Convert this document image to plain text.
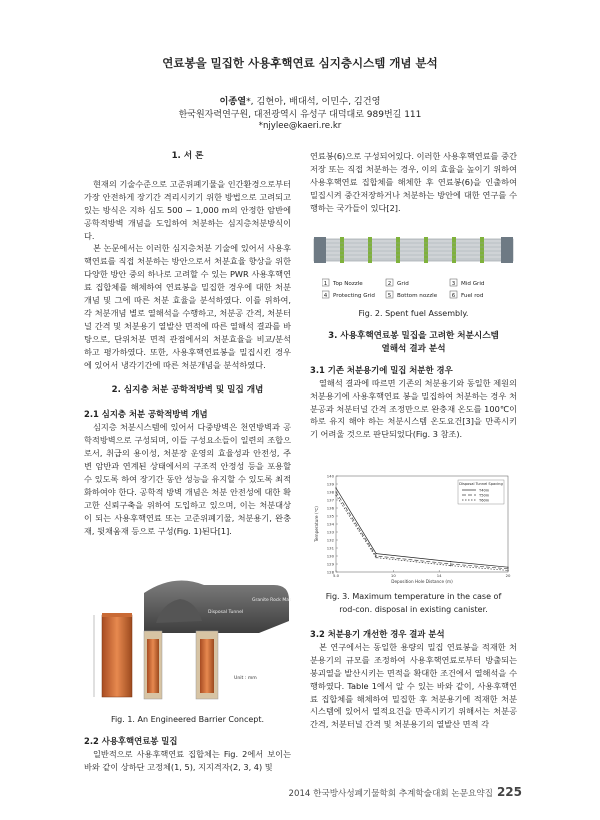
연료봉을 밀집한 사용후핵연료 심지층시스템 개념 분석
이종열*, 김현아, 배대석, 이민수, 김건영
한국원자력연구원, 대전광역시 유성구 대덕대로 989번길 111
*njylee@kaeri.re.kr
1. 서 론

현재의 기술수준으로 고준위폐기물을 인간환경으로부터 가장 안전하게 장기간 격리시키기 위한 방법으로 고려되고 있는 방식은 지하 심도 500 ~ 1,000 m의 안정한 암반에 공학적방벽 개념을 도입하여 처분하는 심지층처분방식이다.

본 논문에서는 이러한 심지층처분 기술에 있어서 사용후핵연료를 직접 처분하는 방안으로서 처분효율 향상을 위한 다양한 방안 중의 하나로 고려할 수 있는 PWR 사용후핵연료 집합체를 해체하여 연료봉을 밀집한 경우에 대한 처분개념 및 그에 따른 처분 효율을 분석하였다. 이를 위하여, 각 처분개념 별로 열해석을 수행하고, 처분공 간격, 처분터널 간격 및 처분용기 열발산 면적에 따른 열해석 결과를 바탕으로, 단위처분 면적 관점에서의 처분효율을 비교/분석하고 평가하였다. 또한, 사용후핵연료봉을 밀집시킨 경우에 있어서 냉각기간에 따른 처분개념을 분석하였다.

2. 심지층 처분 공학적방벽 및 밀집 개념
2.1 심지층 처분 공학적방벽 개념

심지층 처분시스템에 있어서 다중방벽은 천연방벽과 공학적방벽으로 구성되며, 이들 구성요소들이 일련의 조합으로서, 취급의 용이성, 처분장 운영의 효율성과 안전성, 주변 암반과 연계된 상태에서의 구조적 안정성 등을 포용할 수 있도록 하여 장기간 동안 성능을 유지할 수 있도록 최적화하여야 한다. 공학적 방벽 개념은 처분 안전성에 대한 확고한 신뢰구축을 위하여 도입하고 있으며, 이는 처분대상이 되는 사용후핵연료 또는 고준위폐기물, 처분용기, 완충재, 뒷채움재 등으로 구성(Fig. 1)된다[1].

Disposal Tunnel
Granite Rock Mass
Unit : mm
Fig. 1. An Engineered Barrier Concept.
2.2 사용후핵연료봉 밀집

일반적으로 사용후핵연료 집합체는 Fig. 2에서 보이는 바와 같이 상하단 고정체(1, 5), 지지격자(2, 3, 4) 및

연료봉(6)으로 구성되어있다. 이러한 사용후핵연료를 중간저장 또는 직접 처분하는 경우, 이의 효율을 높이기 위하여 사용후핵연료 집합체를 해체한 후 연료봉(6)을 인출하여 밀집시켜 중간저장하거나 처분하는 방안에 대한 연구를 수행하는 국가들이 있다[2].

1 Top Nozzle	2 Grid	3 Mid Grid
4 Protecting Grid 5 Bottom nozzle	6 Fuel rod
Fig. 2. Spent fuel Assembly.
3. 사용후핵연료봉 밀집을 고려한 처분시스템
열해석 결과 분석
3.1 기존 처분용기에 밀집 처분한 경우

열해석 결과에 따르면 기존의 처분용기와 동일한 제원의 처분용기에 사용후핵연료 봉을 밀집하여 처분하는 경우 처분공과 처분터널 간격 조정만으로 완충재 온도를 100℃이하로 유지 해야 하는 처분시스템 온도요건[3]을 만족시키기 어려울 것으로 판단되었다(Fig. 3 참조).

128
129
130
131
132
133
134
135
136
137
138
139
140
5.0	10	14	20
Deposition Hole Distance (m)
Temperature (℃)
Disposal Tunnel Spacing
T40m
T50m
T60m
Fig. 3. Maximum temperature in the case of
rod-con. disposal in existing canister.
3.2 처분용기 개선한 경우 결과 분석

본 연구에서는 동일한 용량의 밀집 연료봉을 적재한 처분용기의 규모를 조정하여 사용후핵연료로부터 방출되는 붕괴열을 발산시키는 면적을 확대한 조건에서 열해석을 수행하였다. Table 1에서 알 수 있는 바와 같이, 사용후핵연료 집합체를 해체하여 밀집한 후 처분용기에 적재한 처분시스템에 있어서 열적요건을 만족시키기 위해서는 처분공 간격, 처분터널 간격 및 처분용기의 열발산 면적 각

2014 한국방사성폐기물학회 추계학술대회 논문요약집 225
